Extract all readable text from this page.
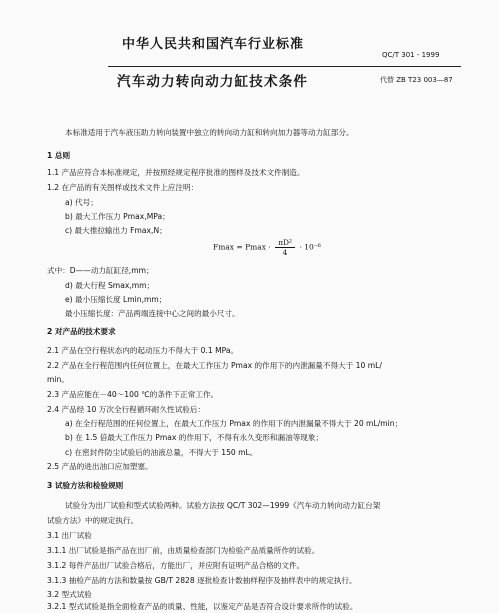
中华人民共和国汽车行业标准
QC/T 301 - 1999
汽车动力转向动力缸技术条件	代替 ZB T23 003—87
本标准适用于汽车液压助力转向装置中独立的转向动力缸和转向加力器等动力缸部分。
1 总则
1.1 产品应符合本标准规定，并按照经规定程序批准的图样及技术文件制造。
1.2 在产品的有关图样或技术文件上应注明：
a) 代号；
b) 最大工作压力 Pmax,MPa；
c) 最大推拉输出力 Fmax,N；
$Fmax = Pmax \cdot \frac{\text{πD²}}{4} \cdot 10^{-6}$
式中：D——动力缸缸径,mm；
d) 最大行程 Smax,mm；
e) 最小压缩长度 Lmin,mm；
最小压缩长度：产品两端连接中心之间的最小尺寸。
2 对产品的技术要求
2.1 产品在空行程状态内的起动压力不得大于 0.1 MPa。
2.2 产品在全行程范围内任何位置上，在最大工作压力 Pmax 的作用下的内泄漏量不得大于 10 mL/
min。
2.3 产品应能在－40～100 ℃的条件下正常工作。
2.4 产品经 10 万次全行程循环耐久性试验后：
a) 在全行程范围的任何位置上，在最大工作压力 Pmax 的作用下的内泄漏量不得大于 20 mL/min；
b) 在 1.5 倍最大工作压力 Pmax 的作用下，不得有永久变形和漏油等现象；
c) 在密封件防尘试验后的油液总量，不得大于 150 mL。
2.5 产品的进出油口应加塑塞。
3 试验方法和检验规则
试验分为出厂试验和型式试验两种。试验方法按 QC/T 302—1999《汽车动力转向动力缸台架
试验方法》中的规定执行。
3.1 出厂试验
3.1.1 出厂试验是指产品在出厂前，由质量检查部门为检验产品质量所作的试验。
3.1.2 每件产品出厂试验合格后，方能出厂，并应附有证明产品合格的文件。
3.1.3 抽检产品的方法和数量按 GB/T 2828 逐批检查计数抽样程序及抽样表中的规定执行。
3.2 型式试验
3.2.1 型式试验是指全面检查产品的质量、性能，以鉴定产品是否符合设计要求所作的试验。
